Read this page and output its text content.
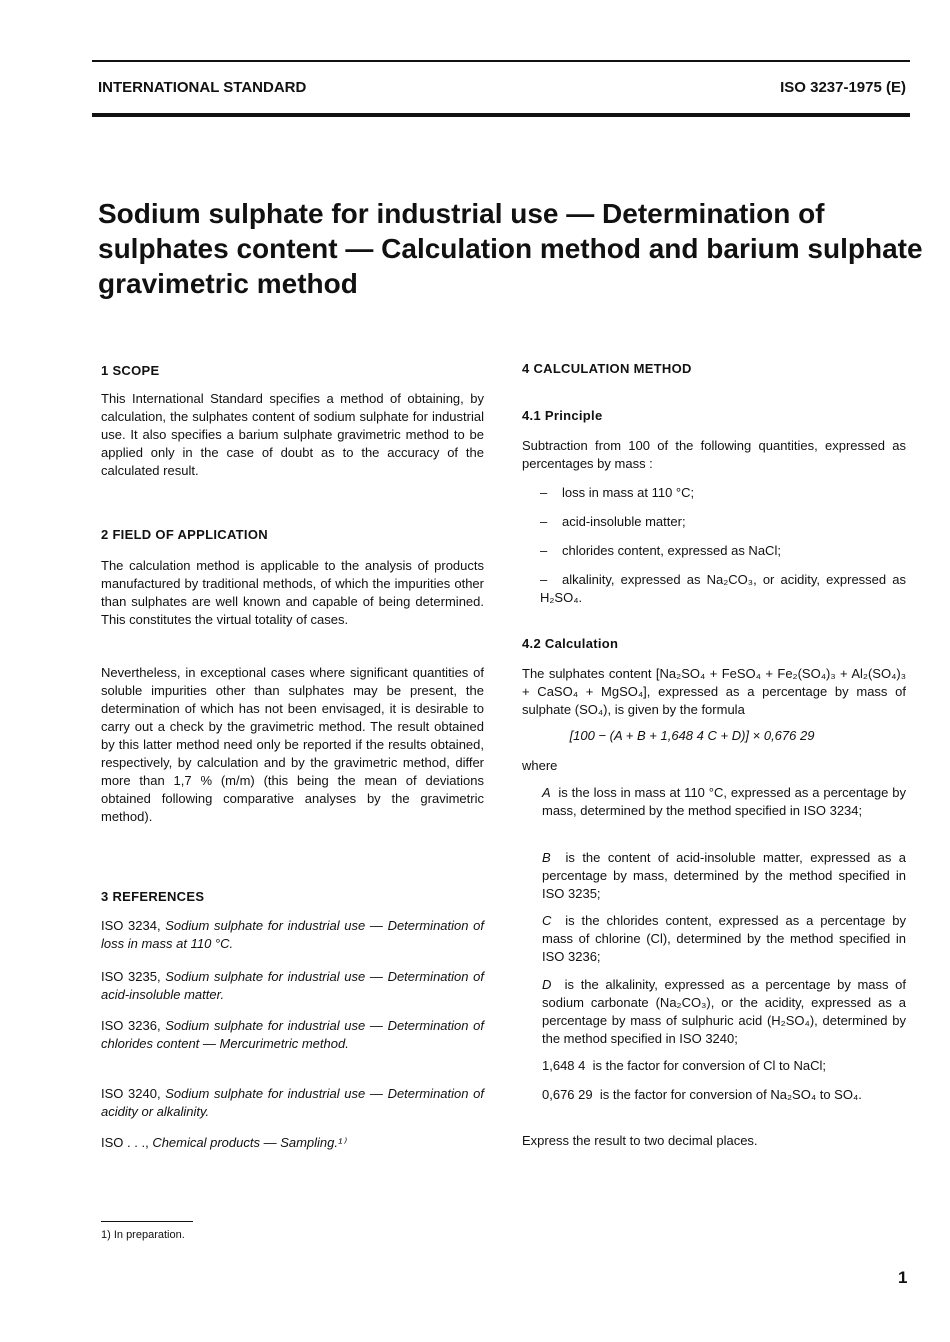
INTERNATIONAL STANDARD	ISO 3237-1975 (E)
Sodium sulphate for industrial use — Determination of
sulphates content — Calculation method and barium sulphate
gravimetric method
1 SCOPE
This International Standard specifies a method of obtaining, by calculation, the sulphates content of sodium sulphate for industrial use. It also specifies a barium sulphate gravimetric method to be applied only in the case of doubt as to the accuracy of the calculated result.
2 FIELD OF APPLICATION
The calculation method is applicable to the analysis of products manufactured by traditional methods, of which the impurities other than sulphates are well known and capable of being determined. This constitutes the virtual totality of cases.
Nevertheless, in exceptional cases where significant quantities of soluble impurities other than sulphates may be present, the determination of which has not been envisaged, it is desirable to carry out a check by the gravimetric method. The result obtained by this latter method need only be reported if the results obtained, respectively, by calculation and by the gravimetric method, differ more than 1,7 % (m/m) (this being the mean of deviations obtained following comparative analyses by the gravimetric method).
3 REFERENCES
1) In preparation.
1
4 CALCULATION METHOD
4.1 Principle
Subtraction from 100 of the following quantities, expressed as percentages by mass :
4.2 Calculation
The sulphates content [Na₂SO₄ + FeSO₄ + Fe₂(SO₄)₃ + Al₂(SO₄)₃ + CaSO₄ + MgSO₄], expressed as a percentage by mass of sulphate (SO₄), is given by the formula
[100 − (A + B + 1,648 4 C + D)] × 0,676 29
where
Express the result to two decimal places.
ISO 3234, Sodium sulphate for industrial use — Determination of loss in mass at 110 °C.
ISO 3235, Sodium sulphate for industrial use — Determination of acid-insoluble matter.
ISO 3236, Sodium sulphate for industrial use — Determination of chlorides content — Mercurimetric method.
ISO 3240, Sodium sulphate for industrial use — Determination of acidity or alkalinity.
ISO . . ., Chemical products — Sampling.¹⁾
– loss in mass at 110 °C;
– acid-insoluble matter;
– chlorides content, expressed as NaCl;
– alkalinity, expressed as Na₂CO₃, or acidity, expressed as H₂SO₄.
A is the loss in mass at 110 °C, expressed as a percentage by mass, determined by the method specified in ISO 3234;
B is the content of acid-insoluble matter, expressed as a percentage by mass, determined by the method specified in ISO 3235;
C is the chlorides content, expressed as a percentage by mass of chlorine (Cl), determined by the method specified in ISO 3236;
D is the alkalinity, expressed as a percentage by mass of sodium carbonate (Na₂CO₃), or the acidity, expressed as a percentage by mass of sulphuric acid (H₂SO₄), determined by the method specified in ISO 3240;
1,648 4 is the factor for conversion of Cl to NaCl;
0,676 29 is the factor for conversion of Na₂SO₄ to SO₄.
